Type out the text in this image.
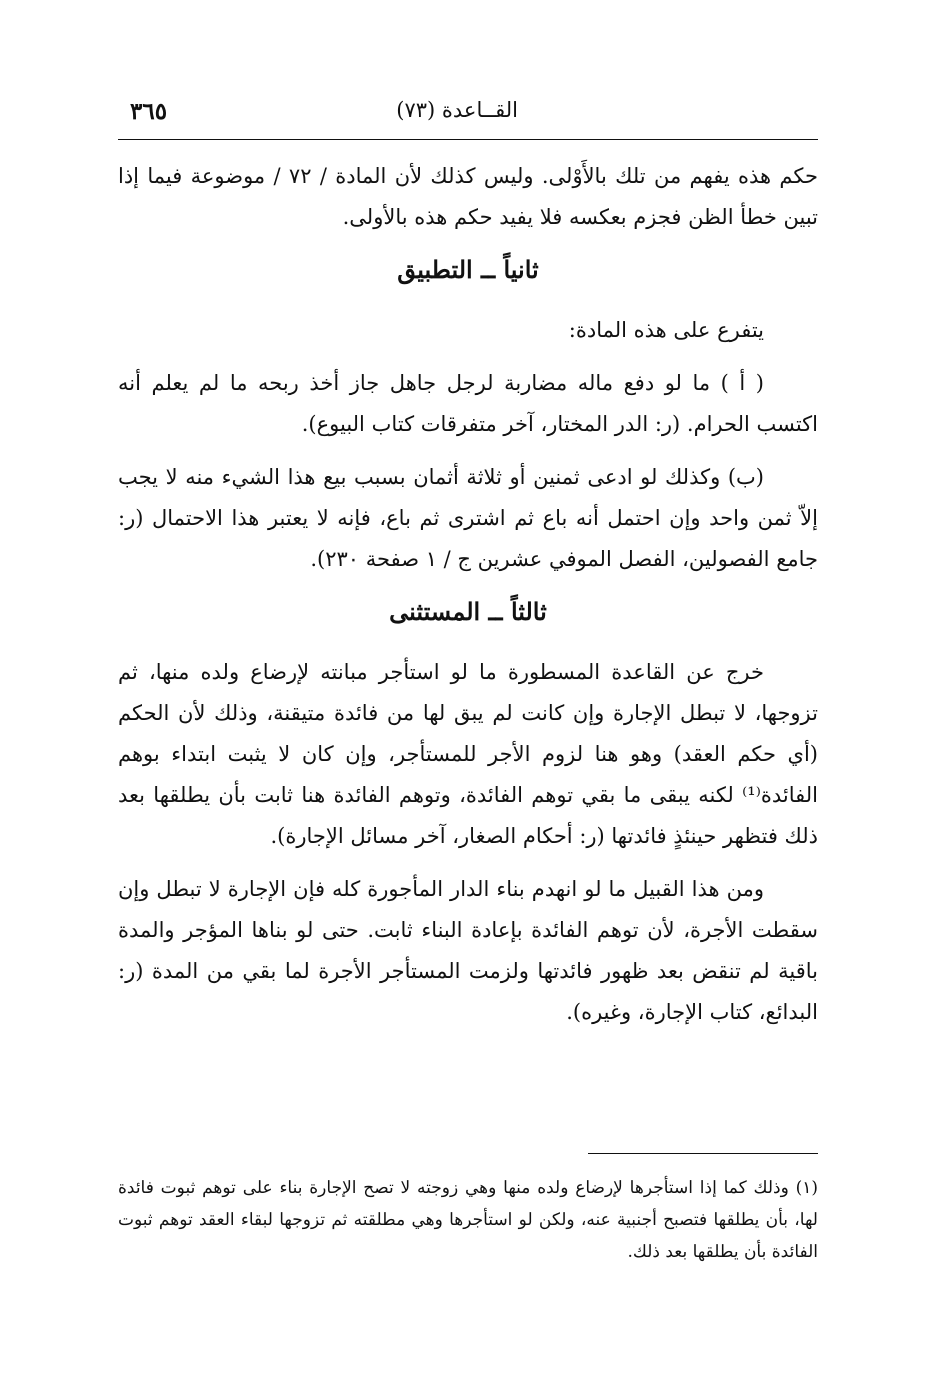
القــاعدة (٧٣)
٣٦٥

حكم هذه يفهم من تلك بالأَوْلى. وليس كذلك لأن المادة / ٧٢ / موضوعة فيما إذا تبين خطأ الظن فجزم بعكسه فلا يفيد حكم هذه بالأولى.

ثانياً ــ التطبيق

يتفرع على هذه المادة:

( أ ) ما لو دفع ماله مضاربة لرجل جاهل جاز أخذ ربحه ما لم يعلم أنه اكتسب الحرام. (ر: الدر المختار، آخر متفرقات كتاب البيوع).

(ب) وكذلك لو ادعى ثمنين أو ثلاثة أثمان بسبب بيع هذا الشيء منه لا يجب إلاّ ثمن واحد وإن احتمل أنه باع ثم اشترى ثم باع، فإنه لا يعتبر هذا الاحتمال (ر: جامع الفصولين، الفصل الموفي عشرين ج / ١ صفحة ٢٣٠).

ثالثاً ــ المستثنى

خرج عن القاعدة المسطورة ما لو استأجر مبانته لإرضاع ولده منها، ثم تزوجها، لا تبطل الإجارة وإن كانت لم يبق لها من فائدة متيقنة، وذلك لأن الحكم (أي حكم العقد) وهو هنا لزوم الأجر للمستأجر، وإن كان لا يثبت ابتداء بوهم الفائدة⁽¹⁾ لكنه يبقى ما بقي توهم الفائدة، وتوهم الفائدة هنا ثابت بأن يطلقها بعد ذلك فتظهر حينئذٍ فائدتها (ر: أحكام الصغار، آخر مسائل الإجارة).

ومن هذا القبيل ما لو انهدم بناء الدار المأجورة كله فإن الإجارة لا تبطل وإن سقطت الأجرة، لأن توهم الفائدة بإعادة البناء ثابت. حتى لو بناها المؤجر والمدة باقية لم تنقض بعد ظهور فائدتها ولزمت المستأجر الأجرة لما بقي من المدة (ر: البدائع، كتاب الإجارة، وغيره).

(١) وذلك كما إذا استأجرها لإرضاع ولده منها وهي زوجته لا تصح الإجارة بناء على توهم ثبوت فائدة لها، بأن يطلقها فتصبح أجنبية عنه، ولكن لو استأجرها وهي مطلقته ثم تزوجها لبقاء العقد توهم ثبوت الفائدة بأن يطلقها بعد ذلك.
